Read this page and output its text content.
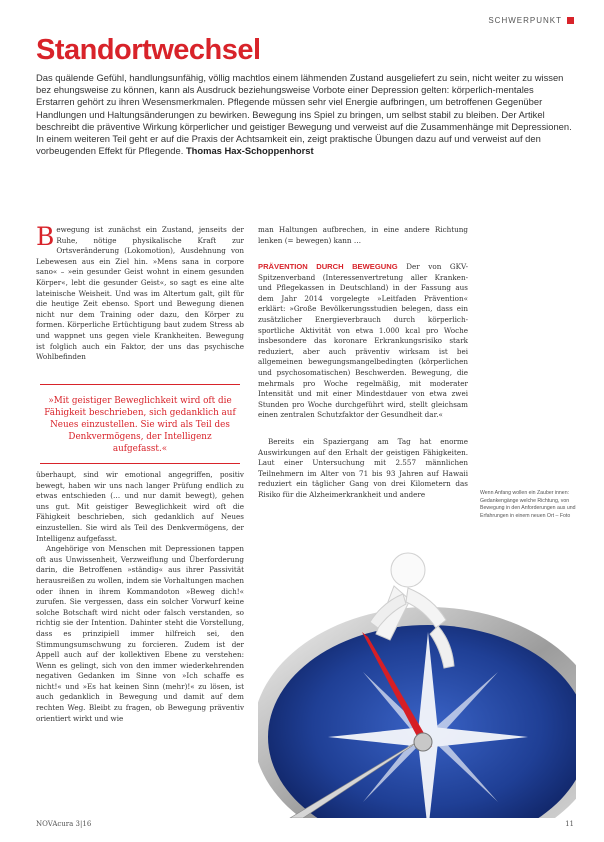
SCHWERPUNKT
Standortwechsel

Das quälende Gefühl, handlungsunfähig, völlig machtlos einem lähmenden Zustand ausgeliefert zu sein, nicht weiter zu wissen bez ehungsweise zu können, kann als Ausdruck beziehungsweise Vorbote einer Depression gelten: körperlich-mentales Erstarren gehört zu ihren Wesensmerkmalen. Pflegende müssen sehr viel Energie aufbringen, um betroffenen Gegenüber Handlungen und Haltungsänderungen zu bewirken. Bewegung ins Spiel zu bringen, um selbst stabil zu bleiben. Der Artikel beschreibt die präventive Wirkung körperlicher und geistiger Bewegung und verweist auf die Zusammenhänge mit Depressionen. In einem weiteren Teil geht er auf die Praxis der Achtsamkeit ein, zeigt praktische Übungen dazu auf und verweist auf den vorbeugenden Effekt für Pflegende. Thomas Hax-Schoppenhorst

B ewegung ist zunächst ein Zustand, jenseits der Ruhe, nötige physikalische Kraft zur Ortsveränderung (Lokomotion), Ausdehnung von Lebewesen aus ein Ziel hin. »Mens sana in corpore sano« – »ein gesunder Geist wohnt in einem gesunden Körper«, lebt die gesunder Geist«, so sagt es eine alte lateinische Weisheit. Und was im Altertum galt, gilt für die heutige Zeit ebenso. Sport und Bewegung dienen nicht nur dem Training oder dazu, den Körper zu formen. Körperliche Ertüchtigung baut zudem Stress ab und wappnet uns gegen viele Krankheiten. Bewegung ist folglich auch ein Faktor, der uns das psychische Wohlbefinden

»Mit geistiger Beweglichkeit wird oft die Fähigkeit beschrieben, sich gedanklich auf Neues einzustellen. Sie wird als Teil des Denkvermögens, der Intelligenz aufgefasst.«

überhaupt, sind wir emotional angegriffen, positiv bewegt, haben wir uns nach langer Prüfung endlich zu etwas entschieden (… und nur damit bewegt), gehen uns gut. Mit geistiger Beweglichkeit wird oft die Fähigkeit beschrieben, sich gedanklich auf Neues einzustellen. Sie wird als Teil des Denkvermögens, der Intelligenz aufgefasst.

Angehörige von Menschen mit Depressionen tappen oft aus Unwissenheit, Verzweiflung und Überforderung darin, die Betroffenen »ständig« aus ihrer Passivität herausreißen zu wollen, indem sie Vorhaltungen machen oder ihnen in ihrem Kommandoton »Beweg dich!« zurufen. Sie vergessen, dass ein solcher Vorwurf keine solche Botschaft wird nicht oder falsch verstanden, so richtig sie der Intention. Dahinter steht die Vorstellung, dass es prinzipiell immer hilfreich sei, den Stimmungsumschwung zu forcieren. Zudem ist der Appell auch auf der kollektiven Ebene zu verstehen: Wenn es gelingt, sich von den immer wiederkehrenden negativen Gedanken im Sinne von »Ich schaffe es nicht!« und »Es hat keinen Sinn (mehr)!« zu lösen, ist auch gedanklich in Bewegung und damit auf dem rechten Weg. Bleibt zu fragen, ob Bewegung präventiv orientiert wirkt und wie

man Haltungen aufbrechen, in eine andere Richtung lenken (= bewegen) kann …

PRÄVENTION DURCH BEWEGUNG Der von GKV-Spitzenverband (Interessenvertretung aller Kranken- und Pflegekassen in Deutschland) in der Fassung aus dem Jahr 2014 vorgelegte »Leitfaden Prävention« erklärt: »Große Bevölkerungsstudien belegen, dass ein zusätzlicher Energieverbrauch durch körperlich-sportliche Aktivität von etwa 1.000 kcal pro Woche insbesondere das koronare Erkrankungsrisiko stark reduziert, aber auch präventiv wirksam ist bei allgemeinen bewegungsmangelbedingten (körperlichen und psychosomatischen) Beschwerden. Bewegung, die mehrmals pro Woche regelmäßig, mit moderater Intensität und mit einer Mindestdauer von etwa zwei Stunden pro Woche durchgeführt wird, stellt gleichsam einen zentralen Schutzfaktor der Gesundheit dar.«

Bereits ein Spaziergang am Tag hat enorme Auswirkungen auf den Erhalt der geistigen Fähigkeiten. Laut einer Untersuchung mit 2.557 männlichen Teilnehmern im Alter von 71 bis 93 Jahren auf Hawaii reduziert ein täglicher Gang von drei Kilometern das Risiko für die Alzheimerkrankheit und andere	Wenn Anfang wollen ein Zauber innen: Gedankengänge welche Richtung, von Bewegung in den Anforderungen aus und Erfahrungen in einem neuen Ort – Foto

NOVAcura 3|16	11
